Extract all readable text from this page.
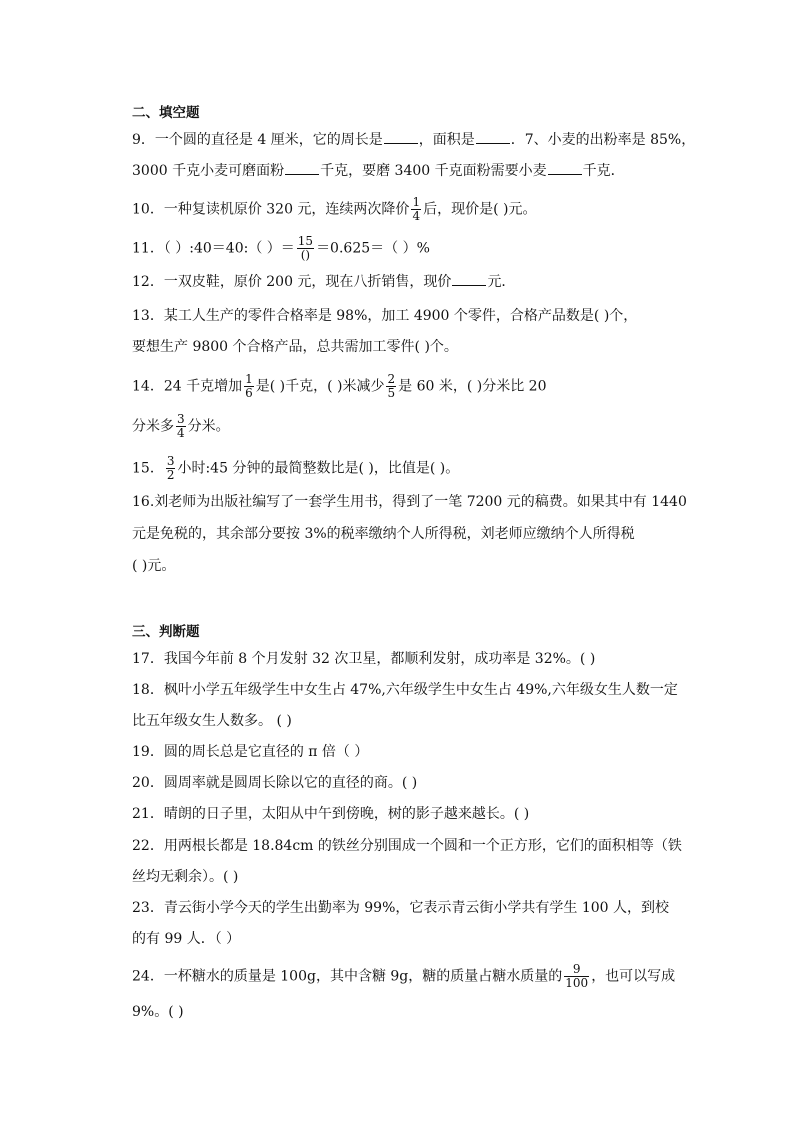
二、填空题
9．一个圆的直径是 4 厘米，它的周长是	，面积是	．7、小麦的出粉率是 85%，
3000 千克小麦可磨面粉	千克，要磨 3400 千克面粉需要小麦	千克．
10．一种复读机原价 320 元，连续两次降价 $\frac{1}{4}$ 后，现价是( )元。
11．（ ）:40＝40:（ ）＝ $\frac{15}{()} =0.625=$（ ）%
12．一双皮鞋，原价 200 元，现在八折销售，现价	元．
13．某工人生产的零件合格率是 98%，加工 4900 个零件，合格产品数是( )个，
要想生产 9800 个合格产品，总共需加工零件( )个。
14．24 千克增加 $\frac{1}{6}$ 是( )千克，( )米减少 $\frac{2}{5}$ 是 60 米，( )分米比 20
分米多 $\frac{3}{4}$ 分米。
15． $\frac{3}{2}$ 小时:45 分钟的最简整数比是( )，比值是( )。
16.刘老师为出版社编写了一套学生用书，得到了一笔 7200 元的稿费。如果其中有 1440
元是免税的，其余部分要按 3%的税率缴纳个人所得税，刘老师应缴纳个人所得税
( )元。
三、判断题
17．我国今年前 8 个月发射 32 次卫星，都顺利发射，成功率是 32%。( )
18．枫叶小学五年级学生中女生占 47%,六年级学生中女生占 49%,六年级女生人数一定
比五年级女生人数多。 ( )
19．圆的周长总是它直径的 π 倍（ ）
20．圆周率就是圆周长除以它的直径的商。( )
21．晴朗的日子里，太阳从中午到傍晚，树的影子越来越长。( )
22．用两根长都是 18.84cm 的铁丝分别围成一个圆和一个正方形，它们的面积相等（铁
丝均无剩余）。( )
23．青云街小学今天的学生出勤率为 99%，它表示青云街小学共有学生 100 人，到校
的有 99 人．（ ）
24．一杯糖水的质量是 100g，其中含糖 9g，糖的质量占糖水质量的 $\frac{9}{100}$ ，也可以写成
9%。( )
